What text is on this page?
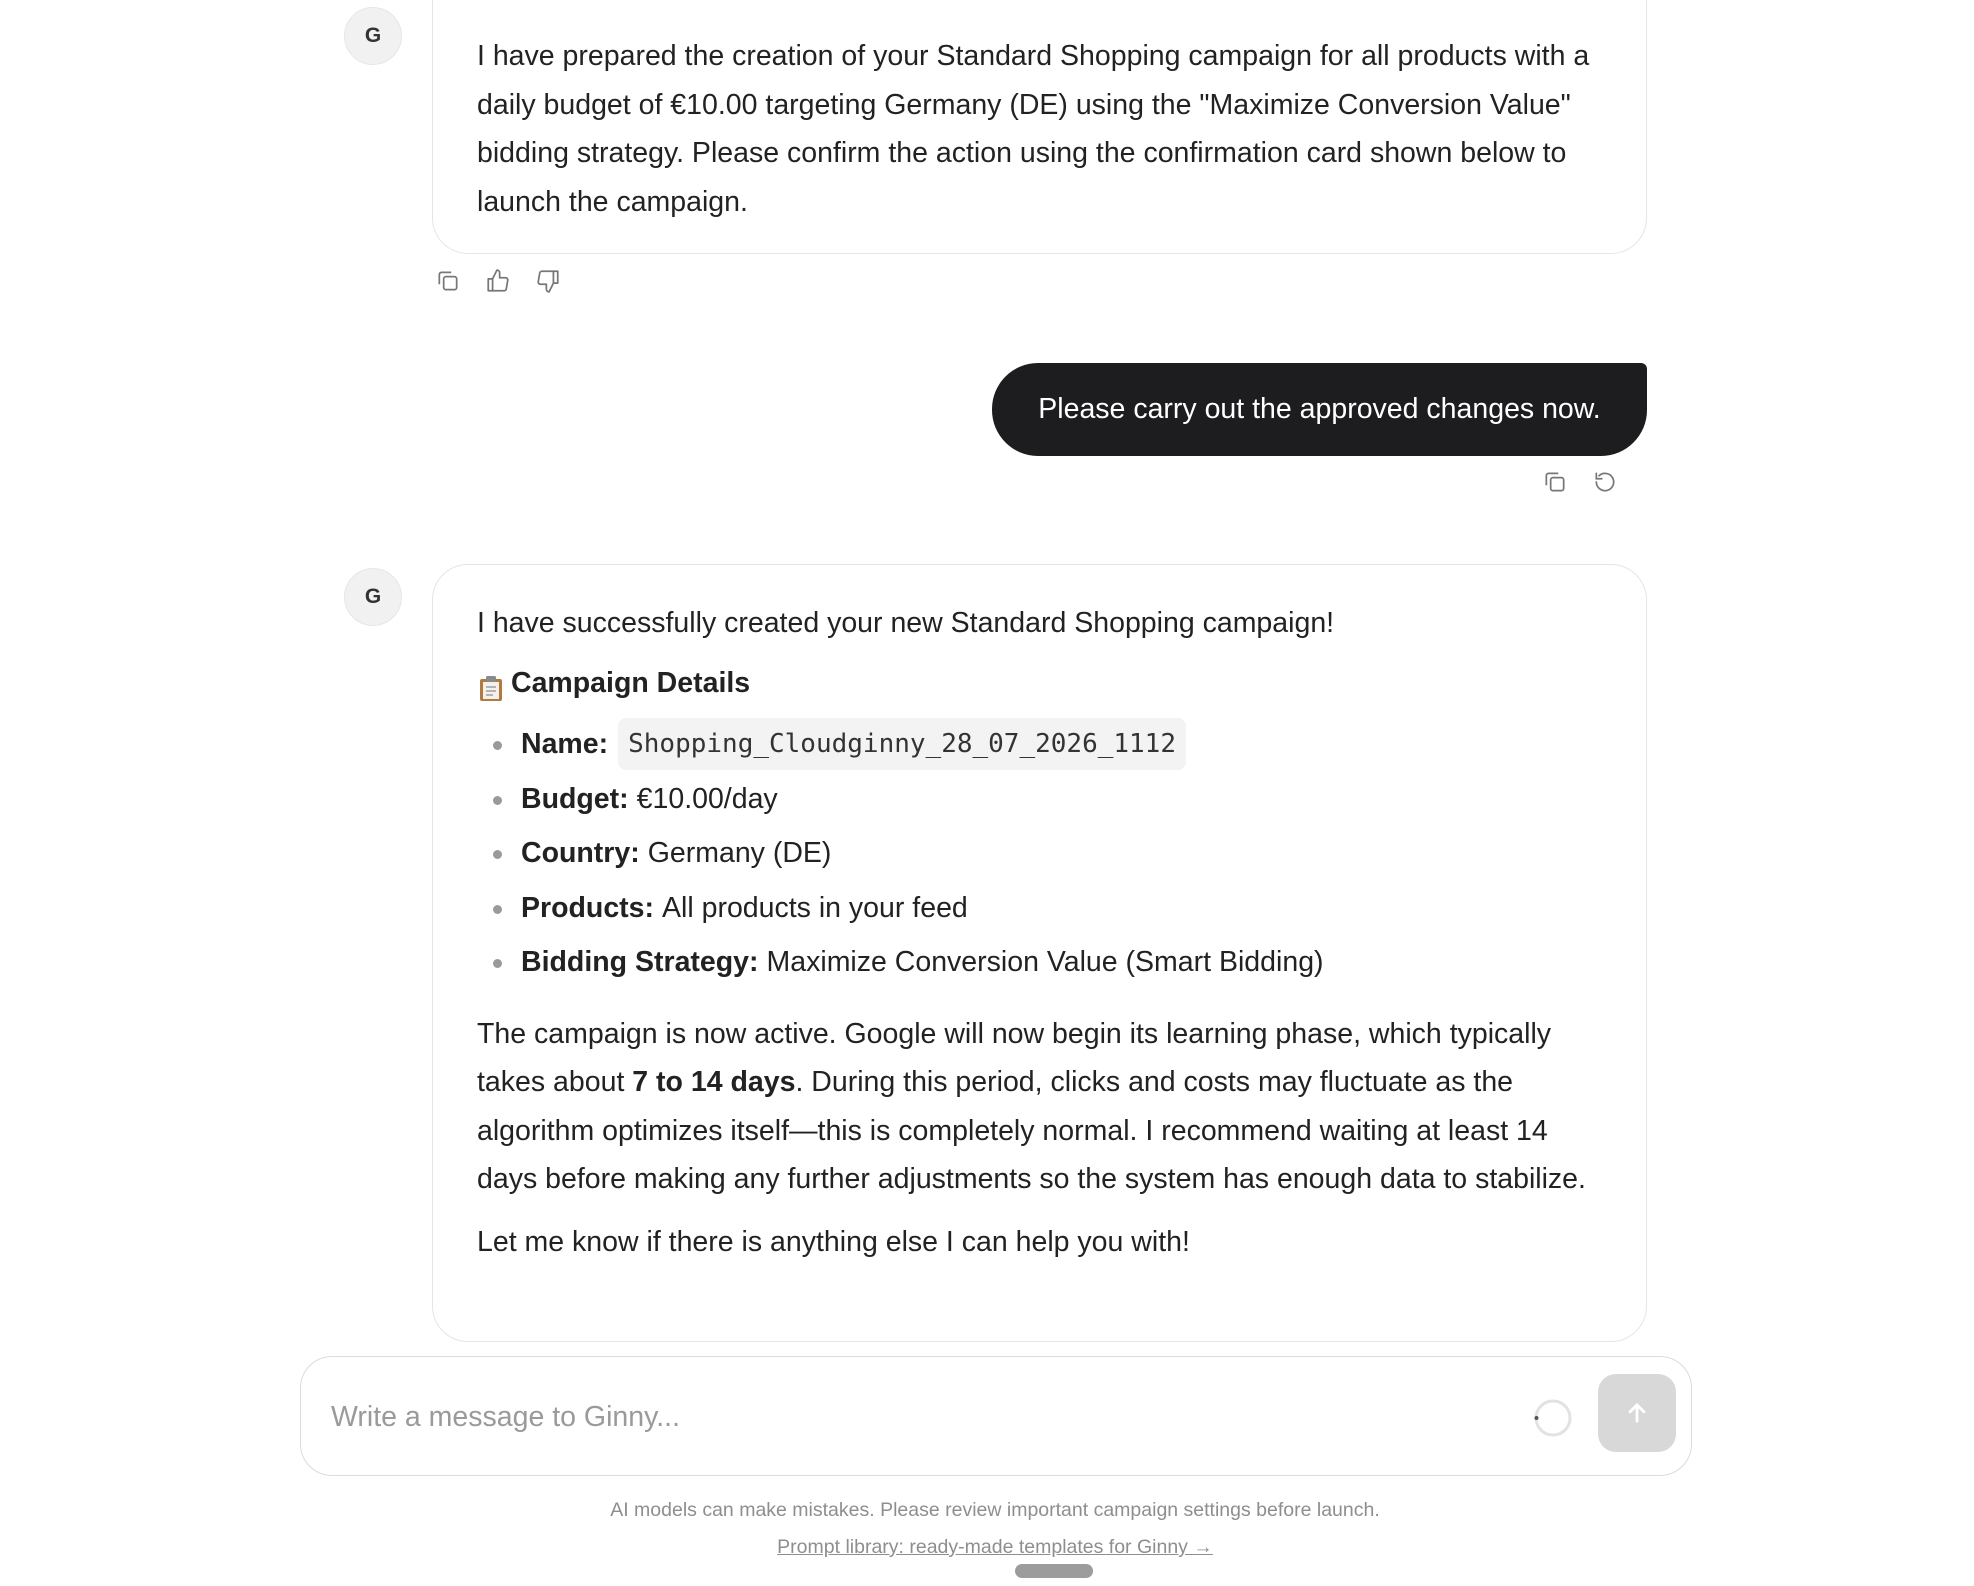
G

I have prepared the creation of your Standard Shopping campaign for all products with a daily budget of €10.00 targeting Germany (DE) using the "Maximize Conversion Value" bidding strategy. Please confirm the action using the confirmation card shown below to launch the campaign.

Please carry out the approved changes now.
G

I have successfully created your new Standard Shopping campaign!

Campaign Details
Name: Shopping_Cloudginny_28_07_2026_1112
Budget: €10.00/day
Country: Germany (DE)
Products: All products in your feed
Bidding Strategy: Maximize Conversion Value (Smart Bidding)

The campaign is now active. Google will now begin its learning phase, which typically takes about 7 to 14 days. During this period, clicks and costs may fluctuate as the algorithm optimizes itself—this is completely normal. I recommend waiting at least 14 days before making any further adjustments so the system has enough data to stabilize.

Let me know if there is anything else I can help you with!

Write a message to Ginny...
AI models can make mistakes. Please review important campaign settings before launch.
Prompt library: ready-made templates for Ginny →
